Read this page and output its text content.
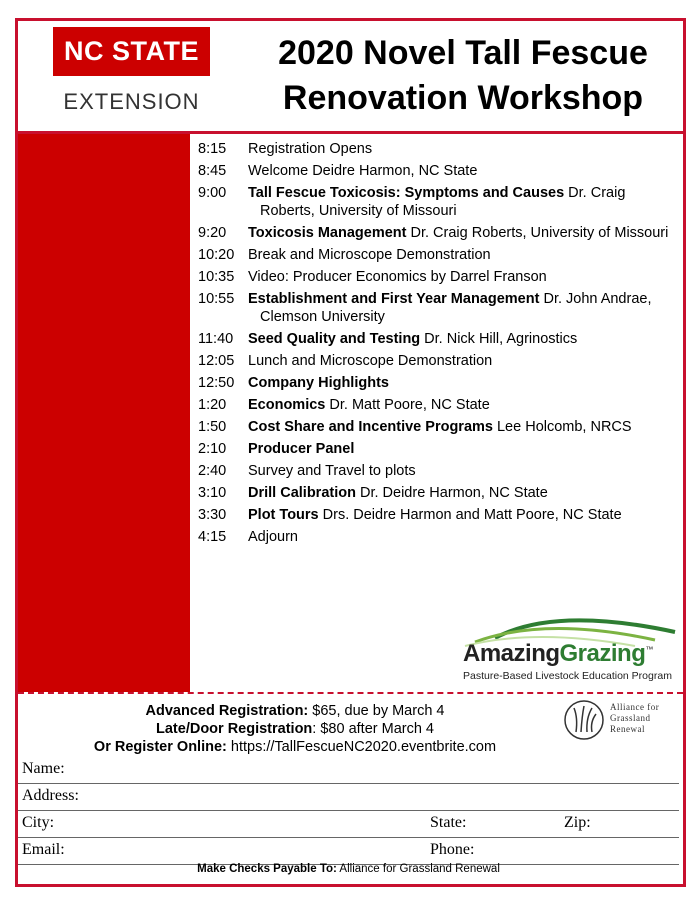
NC STATE
EXTENSION
2020 Novel Tall Fescue
Renovation Workshop
8:15	Registration Opens
8:45	Welcome Deidre Harmon, NC State
9:00	Tall Fescue Toxicosis: Symptoms and Causes Dr. Craig Roberts, University of Missouri
9:20	Toxicosis Management Dr. Craig Roberts, University of Missouri
10:20 Break and Microscope Demonstration
10:35 Video: Producer Economics by Darrel Franson
10:55 Establishment and First Year Management Dr. John Andrae, Clemson University
11:40	Seed Quality and Testing Dr. Nick Hill, Agrinostics
12:05 Lunch and Microscope Demonstration
12:50 Company Highlights
1:20	Economics Dr. Matt Poore, NC State
1:50	Cost Share and Incentive Programs Lee Holcomb, NRCS
2:10	Producer Panel
2:40	Survey and Travel to plots
3:10	Drill Calibration Dr. Deidre Harmon, NC State
3:30	Plot Tours Drs. Deidre Harmon and Matt Poore, NC State
4:15	Adjourn
AmazingGrazing™
Pasture-Based Livestock Education Program
Advanced Registration: $65, due by March 4
Late/Door Registration: $80 after March 4
Or Register Online: https://TallFescueNC2020.eventbrite.com
Alliance for
Grassland
Renewal
Name:
Address:
City:	State:	Zip:
Email:	Phone:
Make Checks Payable To: Alliance for Grassland Renewal
